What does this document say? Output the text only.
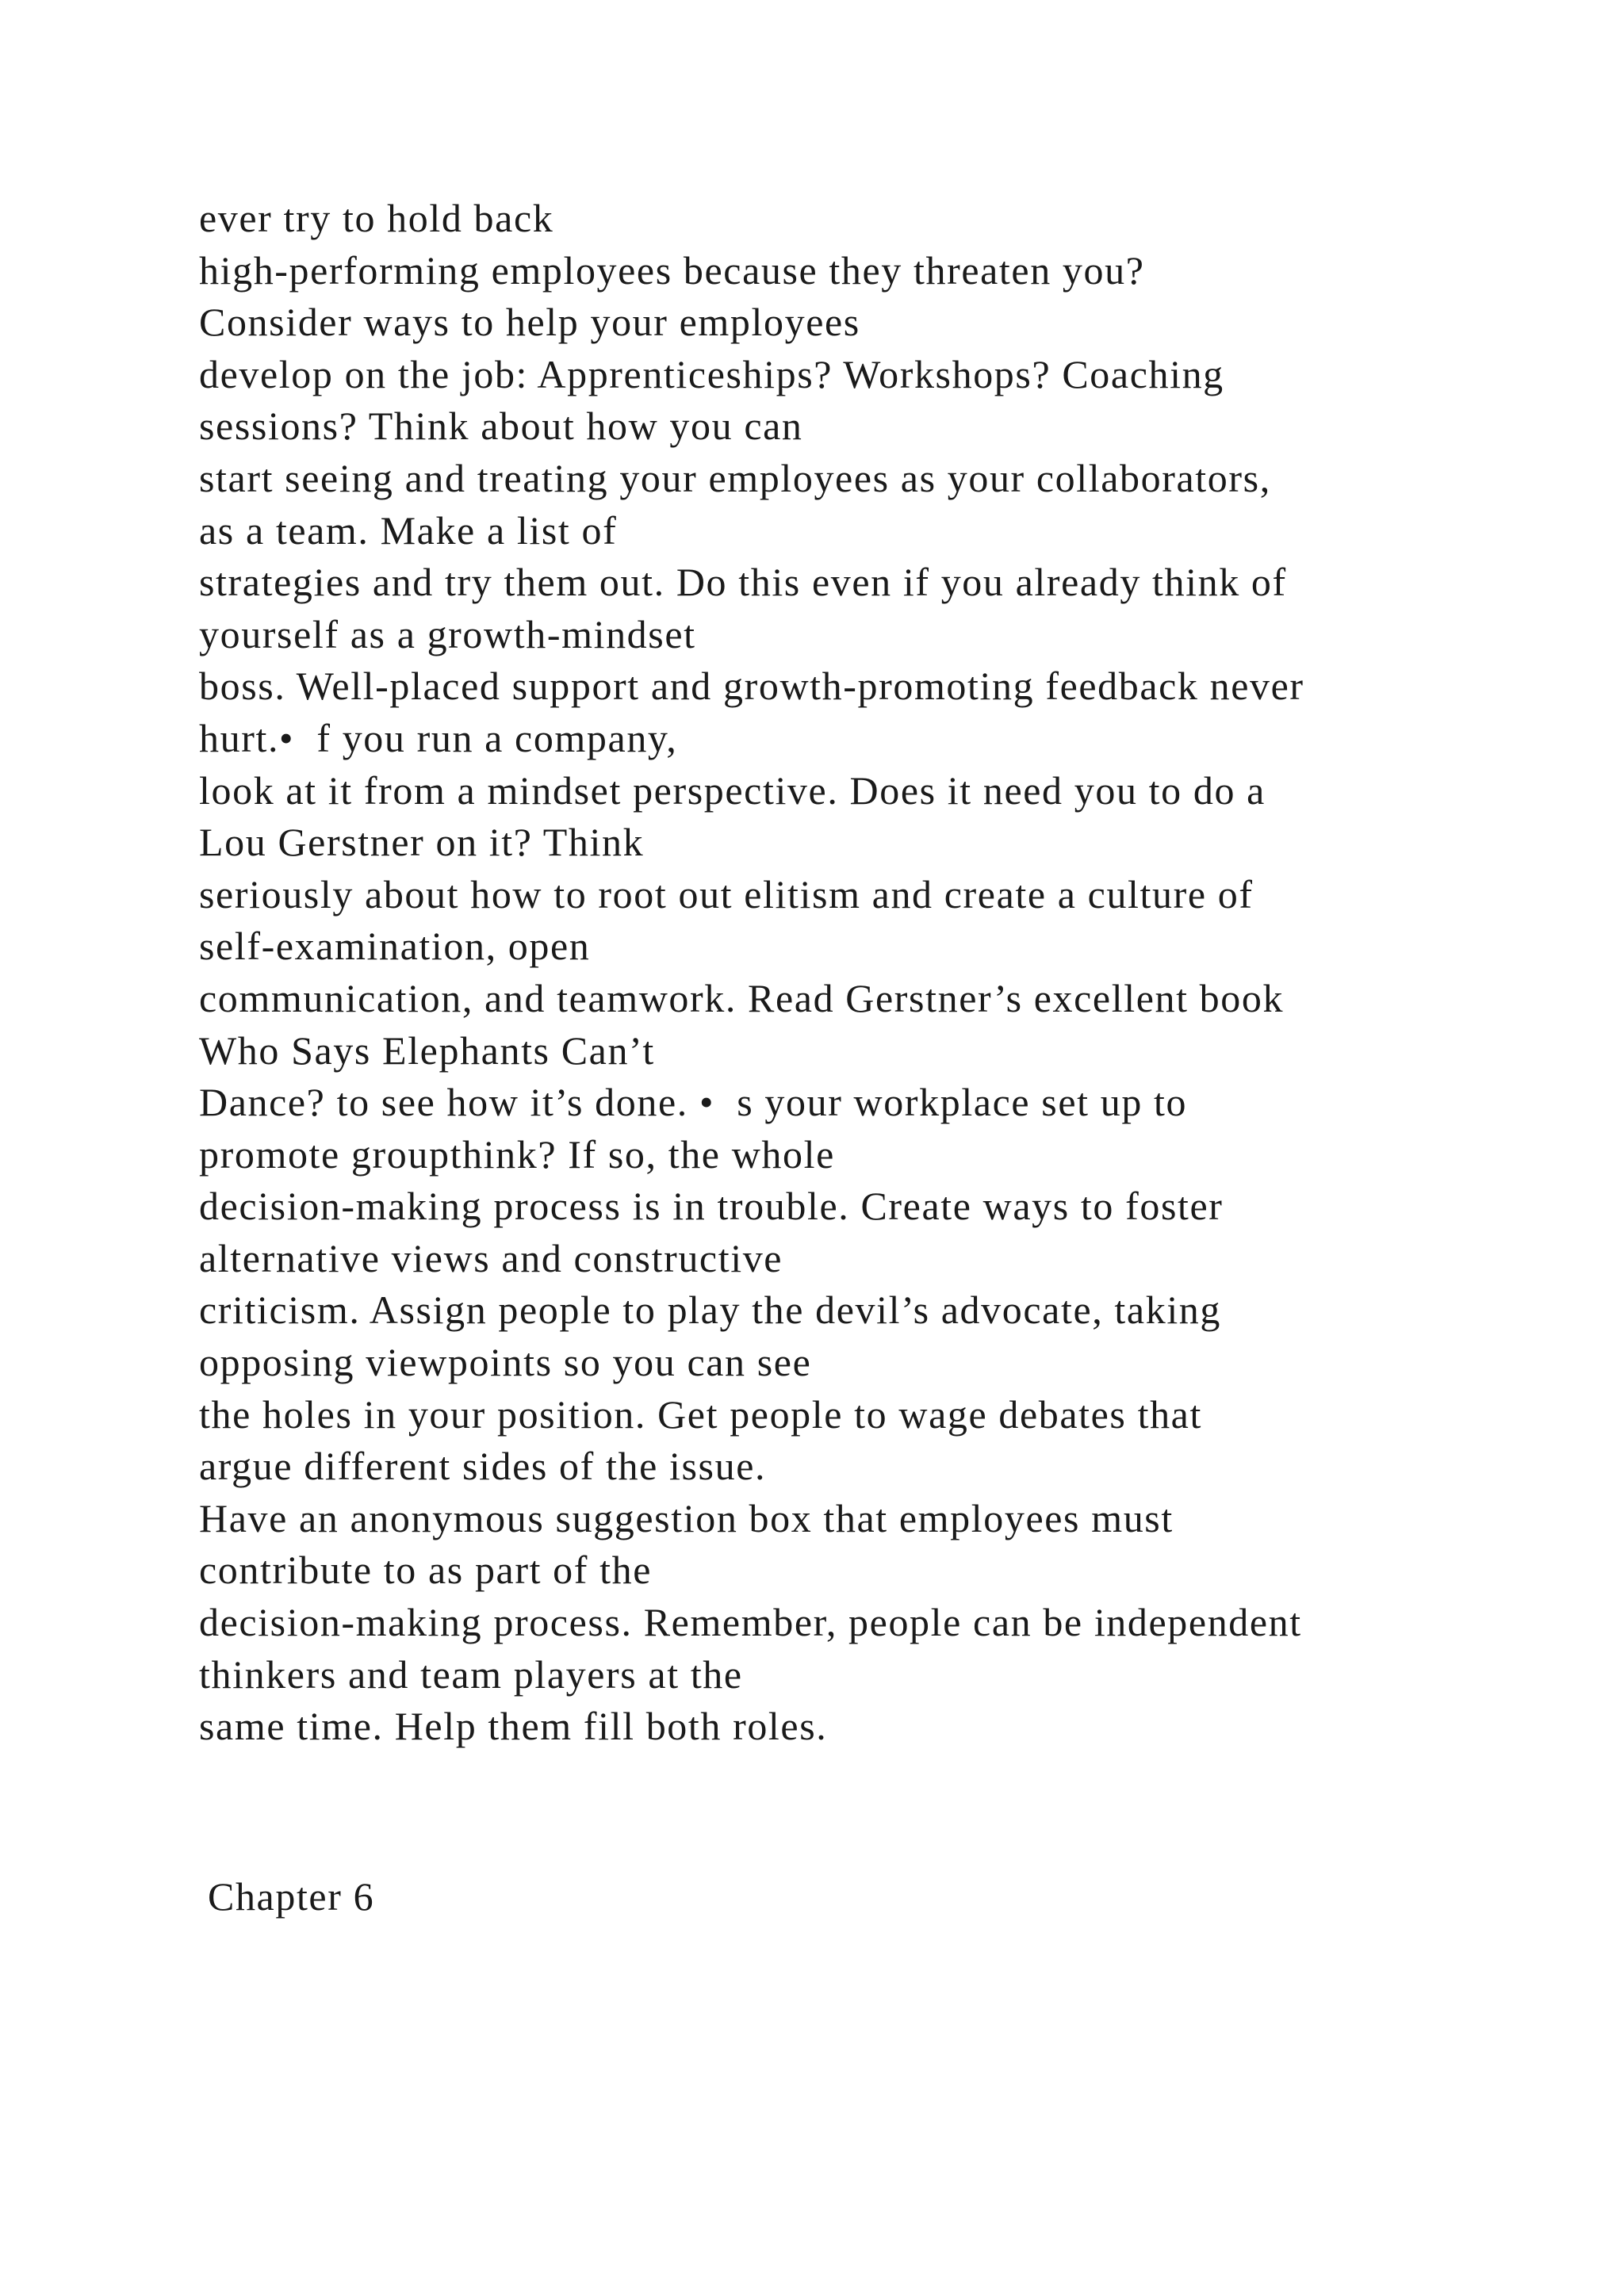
ever try to hold back
high-performing employees because they threaten you?
Consider ways to help your employees
develop on the job: Apprenticeships? Workshops? Coaching
sessions? Think about how you can
start seeing and treating your employees as your collaborators,
as a team. Make a list of
strategies and try them out. Do this even if you already think of
yourself as a growth-mindset
boss. Well-placed support and growth-promoting feedback never
hurt.•  f you run a company,
look at it from a mindset perspective. Does it need you to do a
Lou Gerstner on it? Think
seriously about how to root out elitism and create a culture of
self-examination, open
communication, and teamwork. Read Gerstner’s excellent book
Who Says Elephants Can’t
Dance? to see how it’s done. •  s your workplace set up to
promote groupthink? If so, the whole
decision-making process is in trouble. Create ways to foster
alternative views and constructive
criticism. Assign people to play the devil’s advocate, taking
opposing viewpoints so you can see
the holes in your position. Get people to wage debates that
argue different sides of the issue.
Have an anonymous suggestion box that employees must
contribute to as part of the
decision-making process. Remember, people can be independent
thinkers and team players at the
same time. Help them fill both roles.
Chapter 6
